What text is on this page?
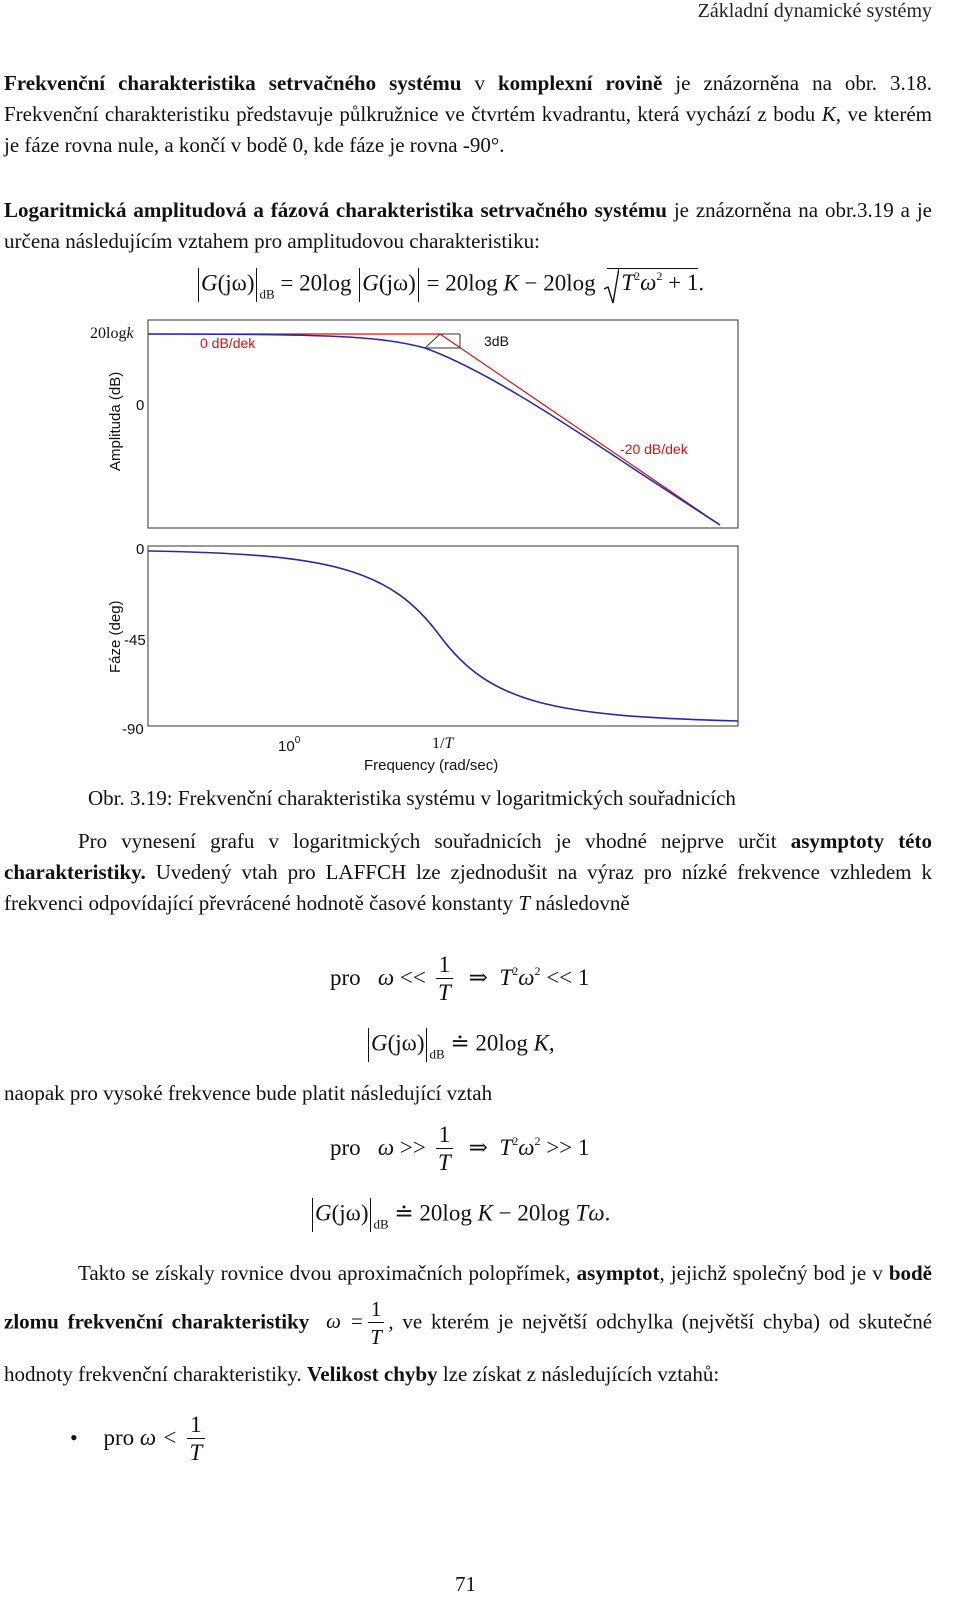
Základní dynamické systémy
Frekvenční charakteristika setrvačného systému v komplexní rovině je znázorněna na obr. 3.18. Frekvenční charakteristiku představuje půlkružnice ve čtvrtém kvadrantu, která vychází z bodu K, ve kterém je fáze rovna nule, a končí v bodě 0, kde fáze je rovna -90°.
Logaritmická amplitudová a fázová charakteristika setrvačného systému je znázorněna na obr.3.19 a je určena následujícím vztahem pro amplitudovou charakteristiku:
G(jω) $_{dB}$ = 20log G(jω) = 20log K − 20log $T^2\omega^2 + 1$.
0 dB/dek	3dB
-20 dB/dek
20logk
0
Amplituda (dB)
0
-45
-90
Fáze (deg)
$10^0$	1/T
Frequency (rad/sec)
Obr. 3.19: Frekvenční charakteristika systému v logaritmických souřadnicích
Pro vynesení grafu v logaritmických souřadnicích je vhodné nejprve určit asymptoty této charakteristiky. Uvedený vtah pro LAFFCH lze zjednodušit na výraz pro nízké frekvence vzhledem k frekvenci odpovídající převrácené hodnotě časové konstanty T následovně
pro $\omega << \frac{1}{T}$ ⇒ $T^2\omega^2 << 1$
G(jω) $_{dB}$ ≐ 20log K,
naopak pro vysoké frekvence bude platit následující vztah
pro $\omega >> \frac{1}{T}$ ⇒ $T^2\omega^2 >> 1$
G(jω) $_{dB}$ ≐ 20log K − 20log Tω.
Takto se získaly rovnice dvou aproximačních polopřímek, asymptot, jejichž společný bod je v bodě zlomu frekvenční charakteristiky $\omega = \frac{1}{T}$ , ve kterém je největší odchylka (největší chyba) od skutečné hodnoty frekvenční charakteristiky. Velikost chyby lze získat z následujících vztahů:
• pro $\omega < \frac{1}{T}$
71
